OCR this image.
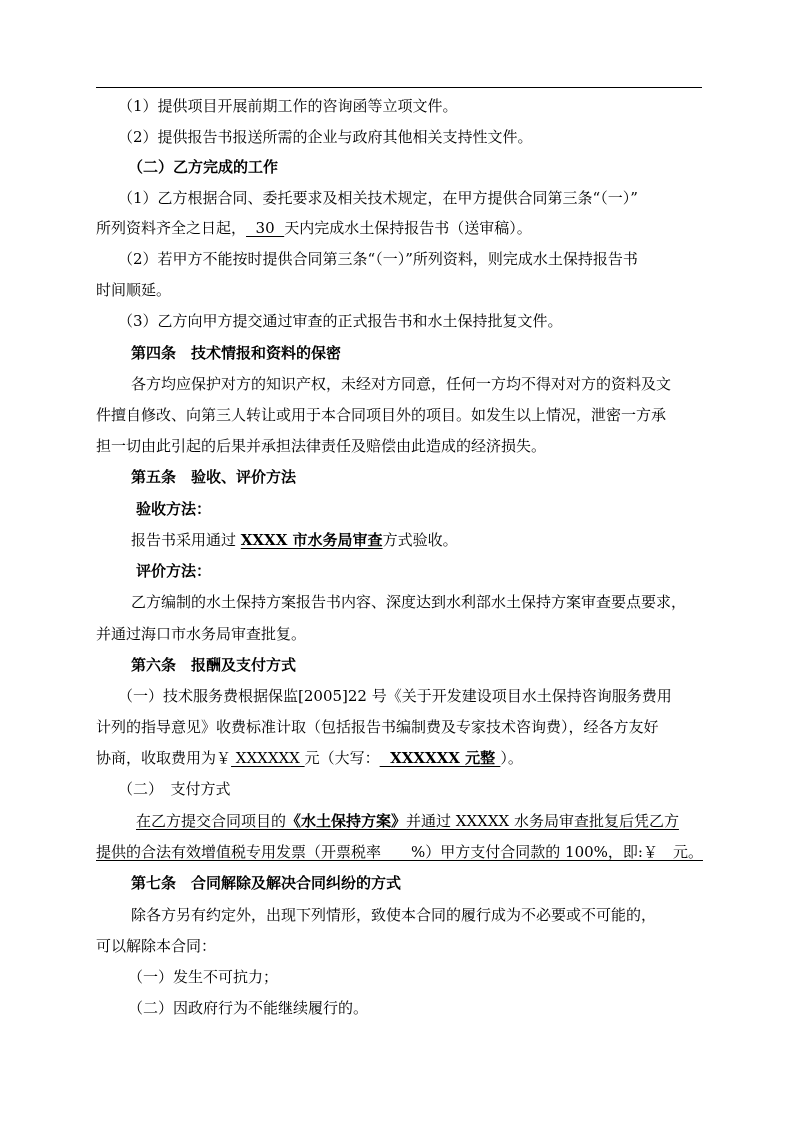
（1）提供项目开展前期工作的咨询函等立项文件。
（2）提供报告书报送所需的企业与政府其他相关支持性文件。
（二）乙方完成的工作
（1）乙方根据合同、委托要求及相关技术规定，在甲方提供合同第三条“（一）”
所列资料齐全之日起，  30  天内完成水土保持报告书（送审稿）。
（2）若甲方不能按时提供合同第三条“（一）”所列资料，则完成水土保持报告书
时间顺延。
（3）乙方向甲方提交通过审查的正式报告书和水土保持批复文件。
第四条　技术情报和资料的保密
各方均应保护对方的知识产权，未经对方同意，任何一方均不得对对方的资料及文
件擅自修改、向第三人转让或用于本合同项目外的项目。如发生以上情况，泄密一方承
担一切由此引起的后果并承担法律责任及赔偿由此造成的经济损失。
第五条　验收、评价方法
验收方法：
报告书采用通过 XXXX 市水务局审查方式验收。
评价方法：
乙方编制的水土保持方案报告书内容、深度达到水利部水土保持方案审查要点要求，
并通过海口市水务局审查批复。
第六条　报酬及支付方式
（一）技术服务费根据保监[2005]22 号《关于开发建设项目水土保持咨询服务费用
计列的指导意见》收费标准计取（包括报告书编制费及专家技术咨询费），经各方友好
协商，收取费用为￥ XXXXXX 元（大写：  XXXXXX 元整 ）。
（二）　支付方式
在乙方提交合同项目的《水土保持方案》并通过 XXXXX 水务局审查批复后凭乙方
提供的合法有效增值税专用发票（开票税率　　%）甲方支付合同款的 100%，即:￥　元。
第七条　合同解除及解决合同纠纷的方式
除各方另有约定外，出现下列情形，致使本合同的履行成为不必要或不可能的，
可以解除本合同：
（一）发生不可抗力；
（二）因政府行为不能继续履行的。
